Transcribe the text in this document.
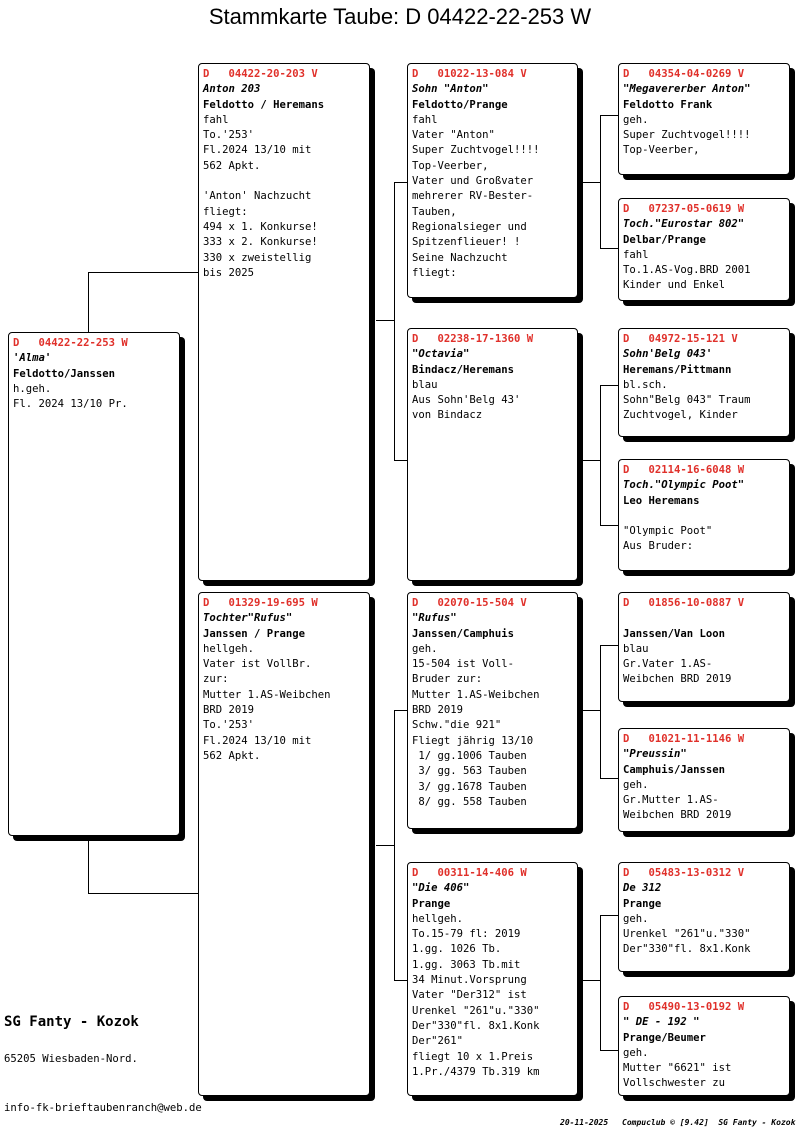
Stammkarte Taube: D 04422-22-253 W
D   04422-22-253 W
'Alma'
Feldotto/Janssen
h.geh.
Fl. 2024 13/10 Pr.
D   04422-20-203 V
Anton 203
Feldotto / Heremans
fahl
To.'253'
Fl.2024 13/10 mit
562 Apkt.
'Anton' Nachzucht
fliegt:
494 x 1. Konkurse!
333 x 2. Konkurse!
330 x zweistellig
bis 2025
D   01329-19-695 W
Tochter"Rufus"
Janssen / Prange
hellgeh.
Vater ist VollBr.
zur:
Mutter 1.AS-Weibchen
BRD 2019
To.'253'
Fl.2024 13/10 mit
562 Apkt.
D   01022-13-084 V
Sohn "Anton"
Feldotto/Prange
fahl
Vater "Anton"
Super Zuchtvogel!!!!
Top-Veerber,
Vater und Großvater
mehrerer RV-Bester-
Tauben,
Regionalsieger und
Spitzenflieuer! !
Seine Nachzucht
fliegt:
D   02238-17-1360 W
"Octavia"
Bindacz/Heremans
blau
Aus Sohn'Belg 43'
von Bindacz
D   02070-15-504 V
"Rufus"
Janssen/Camphuis
geh.
15-504 ist Voll-
Bruder zur:
Mutter 1.AS-Weibchen
BRD 2019
Schw."die 921"
Fliegt jährig 13/10
1/ gg.1006 Tauben
3/ gg. 563 Tauben
3/ gg.1678 Tauben
8/ gg. 558 Tauben
D   00311-14-406 W
"Die 406"
Prange
hellgeh.
To.15-79 fl: 2019
1.gg. 1026 Tb.
1.gg. 3063 Tb.mit
34 Minut.Vorsprung
Vater "Der312" ist
Urenkel "261"u."330"
Der"330"fl. 8x1.Konk
Der"261"
fliegt 10 x 1.Preis
1.Pr./4379 Tb.319 km
D   04354-04-0269 V
"Megavererber Anton"
Feldotto Frank
geh.
Super Zuchtvogel!!!!
Top-Veerber,
D   07237-05-0619 W
Toch."Eurostar 802"
Delbar/Prange
fahl
To.1.AS-Vog.BRD 2001
Kinder und Enkel
D   04972-15-121 V
Sohn'Belg 043'
Heremans/Pittmann
bl.sch.
Sohn"Belg 043" Traum
Zuchtvogel, Kinder
D   02114-16-6048 W
Toch."Olympic Poot"
Leo Heremans
"Olympic Poot"
Aus Bruder:
D   01856-10-0887 V
Janssen/Van Loon
blau
Gr.Vater 1.AS-
Weibchen BRD 2019
D   01021-11-1146 W
"Preussin"
Camphuis/Janssen
geh.
Gr.Mutter 1.AS-
Weibchen BRD 2019
D   05483-13-0312 V
De 312
Prange
geh.
Urenkel "261"u."330"
Der"330"fl. 8x1.Konk
D   05490-13-0192 W
" DE - 192 "
Prange/Beumer
geh.
Mutter "6621" ist
Vollschwester zu
SG Fanty - Kozok
65205 Wiesbaden-Nord.
info-fk-brieftaubenranch@web.de
20-11-2025 Compuclub © [9.42]  SG Fanty - Kozok
